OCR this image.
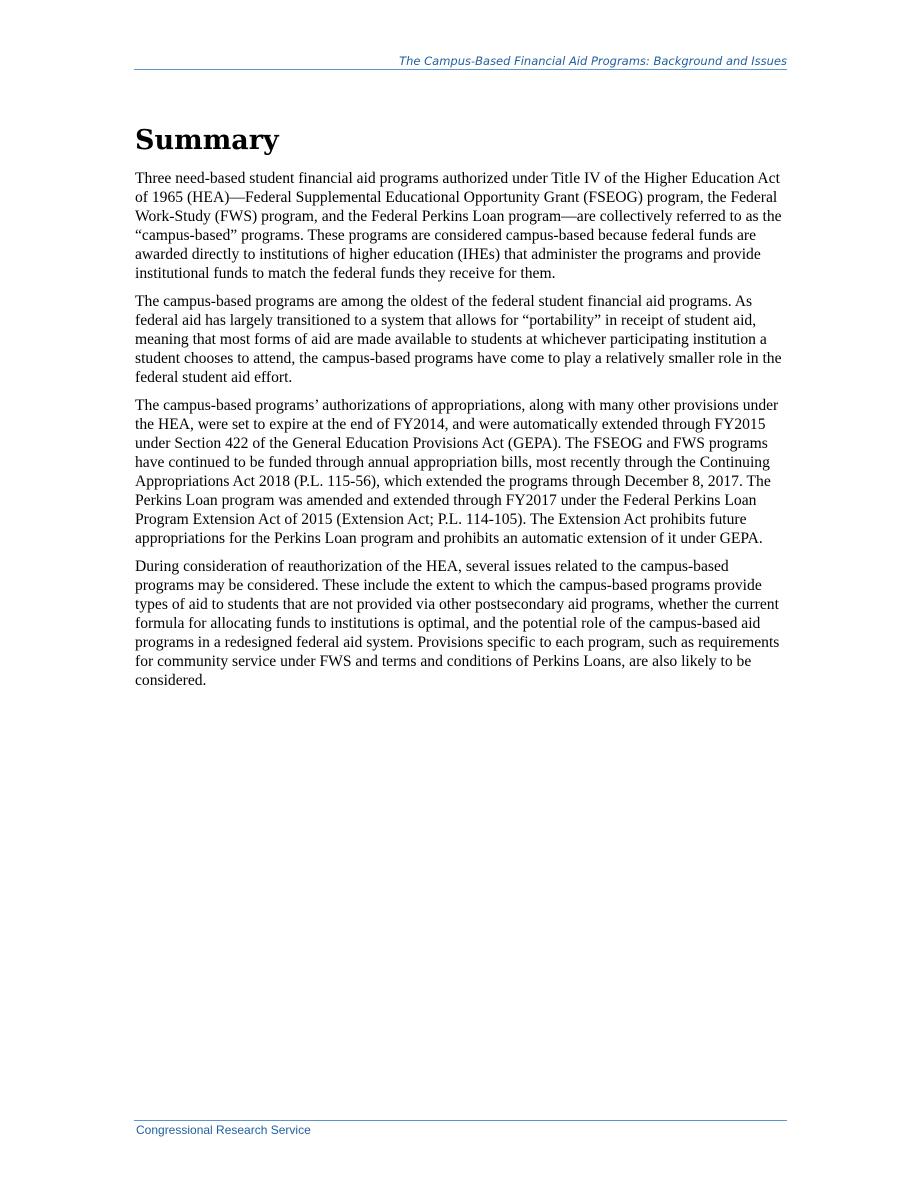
The Campus-Based Financial Aid Programs: Background and Issues
Summary

Three need-based student financial aid programs authorized under Title IV of the Higher Education Act of 1965 (HEA)—Federal Supplemental Educational Opportunity Grant (FSEOG) program, the Federal Work-Study (FWS) program, and the Federal Perkins Loan program—are collectively referred to as the “campus-based” programs. These programs are considered campus-based because federal funds are awarded directly to institutions of higher education (IHEs) that administer the programs and provide institutional funds to match the federal funds they receive for them.

The campus-based programs are among the oldest of the federal student financial aid programs. As federal aid has largely transitioned to a system that allows for “portability” in receipt of student aid, meaning that most forms of aid are made available to students at whichever participating institution a student chooses to attend, the campus-based programs have come to play a relatively smaller role in the federal student aid effort.

The campus-based programs’ authorizations of appropriations, along with many other provisions under the HEA, were set to expire at the end of FY2014, and were automatically extended through FY2015 under Section 422 of the General Education Provisions Act (GEPA). The FSEOG and FWS programs have continued to be funded through annual appropriation bills, most recently through the Continuing Appropriations Act 2018 (P.L. 115-56), which extended the programs through December 8, 2017. The Perkins Loan program was amended and extended through FY2017 under the Federal Perkins Loan Program Extension Act of 2015 (Extension Act; P.L. 114-105). The Extension Act prohibits future appropriations for the Perkins Loan program and prohibits an automatic extension of it under GEPA.

During consideration of reauthorization of the HEA, several issues related to the campus-based programs may be considered. These include the extent to which the campus-based programs provide types of aid to students that are not provided via other postsecondary aid programs, whether the current formula for allocating funds to institutions is optimal, and the potential role of the campus-based aid programs in a redesigned federal aid system. Provisions specific to each program, such as requirements for community service under FWS and terms and conditions of Perkins Loans, are also likely to be considered.

Congressional Research Service
